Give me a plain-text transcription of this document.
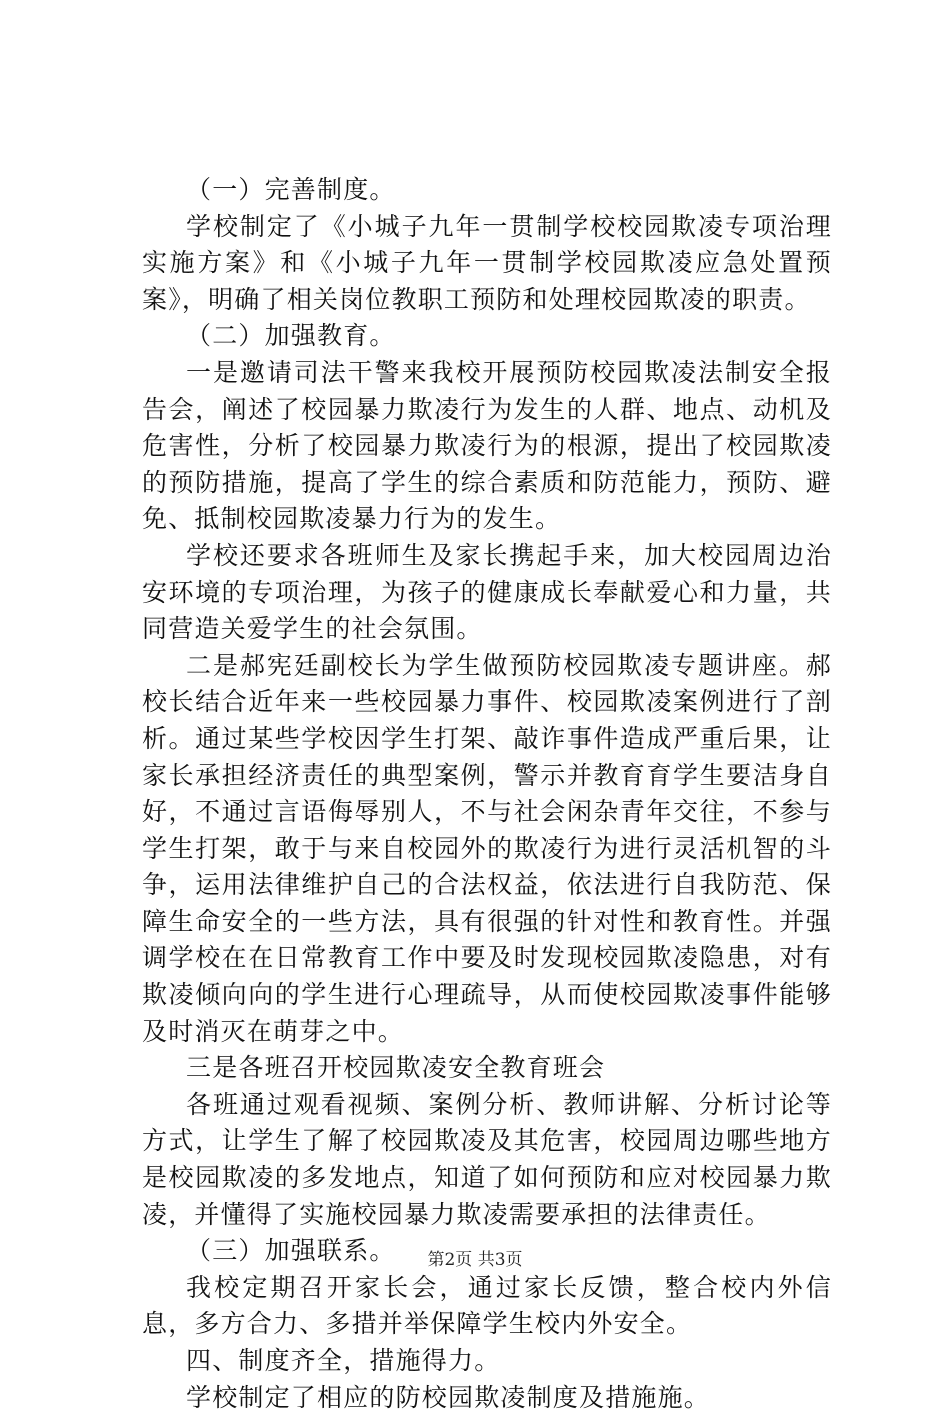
（一）完善制度。

学校制定了《小城子九年一贯制学校校园欺凌专项治理实施方案》和《小城子九年一贯制学校园欺凌应急处置预案》，明确了相关岗位教职工预防和处理校园欺凌的职责。

（二）加强教育。

一是邀请司法干警来我校开展预防校园欺凌法制安全报告会，阐述了校园暴力欺凌行为发生的人群、地点、动机及危害性，分析了校园暴力欺凌行为的根源，提出了校园欺凌的预防措施，提高了学生的综合素质和防范能力，预防、避免、抵制校园欺凌暴力行为的发生。

学校还要求各班师生及家长携起手来，加大校园周边治安环境的专项治理，为孩子的健康成长奉献爱心和力量，共同营造关爱学生的社会氛围。

二是郝宪廷副校长为学生做预防校园欺凌专题讲座。郝校长结合近年来一些校园暴力事件、校园欺凌案例进行了剖析。通过某些学校因学生打架、敲诈事件造成严重后果，让家长承担经济责任的典型案例，警示并教育育学生要洁身自好，不通过言语侮辱别人，不与社会闲杂青年交往，不参与学生打架，敢于与来自校园外的欺凌行为进行灵活机智的斗争，运用法律维护自己的合法权益，依法进行自我防范、保障生命安全的一些方法，具有很强的针对性和教育性。并强调学校在在日常教育工作中要及时发现校园欺凌隐患，对有欺凌倾向向的学生进行心理疏导，从而使校园欺凌事件能够及时消灭在萌芽之中。

三是各班召开校园欺凌安全教育班会

各班通过观看视频、案例分析、教师讲解、分析讨论等方式，让学生了解了校园欺凌及其危害，校园周边哪些地方是校园欺凌的多发地点，知道了如何预防和应对校园暴力欺凌，并懂得了实施校园暴力欺凌需要承担的法律责任。

（三）加强联系。

我校定期召开家长会，通过家长反馈，整合校内外信息，多方合力、多措并举保障学生校内外安全。

四、制度齐全，措施得力。

学校制定了相应的防校园欺凌制度及措施施。

第2页 共3页
